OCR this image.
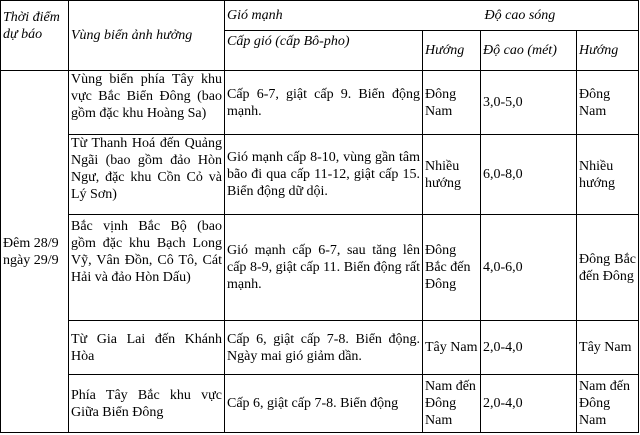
Thời điểm dự báo	Vùng biển ảnh hưởng	Gió mạnh			Độ cao sóng

		Cấp gió (cấp Bô-pho)	Hướng	Độ cao (mét)	Hướng
Đêm 28/9 ngày 29/9	Vùng biển phía Tây khu vực Bắc Biển Đông (bao gồm đặc khu Hoàng Sa)	Cấp 6-7, giật cấp 9. Biển động mạnh.	Đông Nam	3,0-5,0	Đông Nam
	Từ Thanh Hoá đến Quảng Ngãi (bao gồm đảo Hòn Ngư, đặc khu Cồn Cỏ và Lý Sơn)	Gió mạnh cấp 8-10, vùng gần tâm bão đi qua cấp 11-12, giật cấp 15. Biển động dữ dội.	Nhiều hướng	6,0-8,0	Nhiều hướng
	Bắc vịnh Bắc Bộ (bao gồm đặc khu Bạch Long Vỹ, Vân Đồn, Cô Tô, Cát Hải và đảo Hòn Dấu)	Gió mạnh cấp 6-7, sau tăng lên cấp 8-9, giật cấp 11. Biển động rất mạnh.	Đông Bắc đến Đông	4,0-6,0	Đông Bắc đến Đông
	Từ Gia Lai đến Khánh Hòa	Cấp 6, giật cấp 7-8. Biển động. Ngày mai gió giảm dần.	Tây Nam	2,0-4,0	Tây Nam
	Phía Tây Bắc khu vực Giữa Biển Đông	Cấp 6, giật cấp 7-8. Biển động	Nam đến Đông Nam	2,0-4,0	Nam đến Đông Nam
